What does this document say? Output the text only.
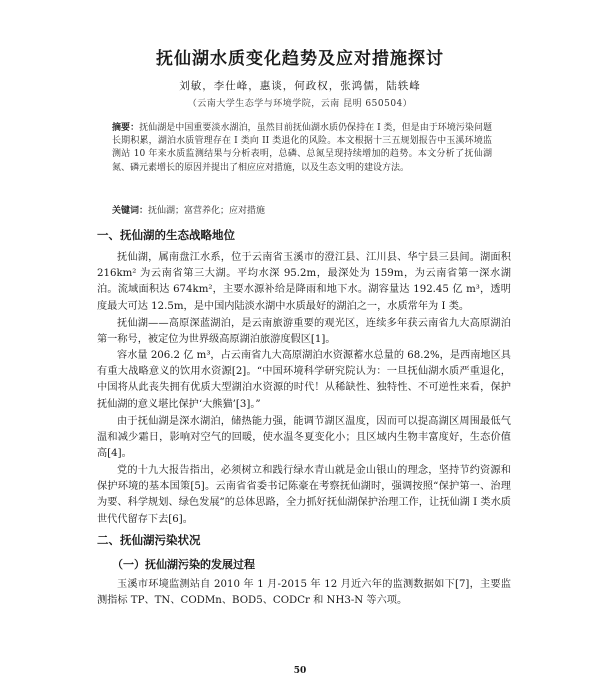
抚仙湖水质变化趋势及应对措施探讨
刘敏，李仕峰，惠谈，何政权，张鸿儒，陆轶峰
（云南大学生态学与环境学院，云南 昆明 650504）

摘要：抚仙湖是中国重要淡水湖泊，虽然目前抚仙湖水质仍保持在 I 类，但是由于环境污染问题长期积累，湖泊水质管理存在 I 类向 II 类退化的风险。本文根据十三五规划报告中玉溪环境监测站 10 年来水质监测结果与分析表明，总磷、总氮呈现持续增加的趋势。本文分析了抚仙湖氮、磷元素增长的原因并提出了相应应对措施，以及生态文明的建设方法。

关键词：抚仙湖；富营养化；应对措施

一、抚仙湖的生态战略地位

抚仙湖，属南盘江水系，位于云南省玉溪市的澄江县、江川县、华宁县三县间。湖面积 216km² 为云南省第三大湖。平均水深 95.2m，最深处为 159m，为云南省第一深水湖泊。流域面积达 674km²，主要水源补给是降雨和地下水。湖容量达 192.45 亿 m³，透明度最大可达 12.5m，是中国内陆淡水湖中水质最好的湖泊之一，水质常年为 I 类。

抚仙湖——高原深蓝湖泊，是云南旅游重要的观光区，连续多年获云南省九大高原湖泊第一称号，被定位为世界级高原湖泊旅游度假区[1]。

容水量 206.2 亿 m³，占云南省九大高原湖泊水资源蓄水总量的 68.2%，是西南地区具有重大战略意义的饮用水资源[2]。“中国环境科学研究院认为：一旦抚仙湖水质严重退化，中国将从此丧失拥有优质大型湖泊水资源的时代！从稀缺性、独特性、不可逆性来看，保护抚仙湖的意义堪比保护‘大熊猫’[3]。”

由于抚仙湖是深水湖泊，储热能力强，能调节湖区温度，因而可以提高湖区周围最低气温和减少霜日，影响对空气的回暖，使水温冬夏变化小；且区域内生物丰富度好，生态价值高[4]。

党的十九大报告指出，必须树立和践行绿水青山就是金山银山的理念，坚持节约资源和保护环境的基本国策[5]。云南省省委书记陈豪在考察抚仙湖时，强调按照“保护第一、治理为要、科学规划、绿色发展”的总体思路，全力抓好抚仙湖保护治理工作，让抚仙湖 I 类水质世代代留存下去[6]。

二、抚仙湖污染状况
（一）抚仙湖污染的发展过程

玉溪市环境监测站自 2010 年 1 月-2015 年 12 月近六年的监测数据如下[7]，主要监测指标 TP、TN、CODMn、BOD5、CODCr 和 NH3-N 等六项。

50
